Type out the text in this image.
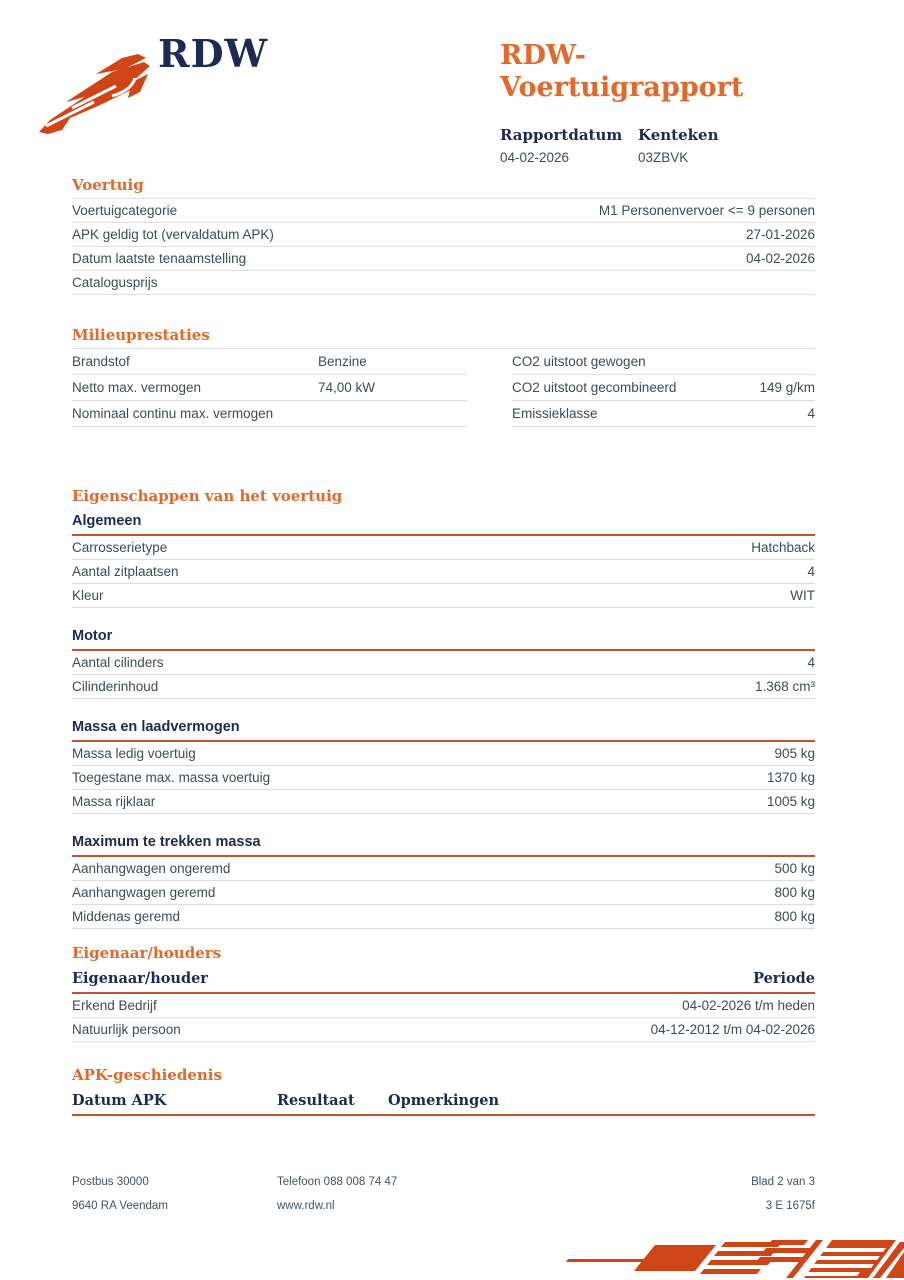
RDW	RDW-Voertuigrapport
Rapportdatum
04-02-2026
Kenteken
03ZBVK
Voertuig
Voertuigcategorie	M1 Personenvervoer <= 9 personen
APK geldig tot (vervaldatum APK)	27-01-2026
Datum laatste tenaamstelling	04-02-2026
Catalogusprijs
Milieuprestaties
Brandstof	Benzine
Netto max. vermogen	74,00 kW
Nominaal continu max. vermogen
CO2 uitstoot gewogen
CO2 uitstoot gecombineerd	149 g/km
Emissieklasse	4
Eigenschappen van het voertuig
Algemeen
Carrosserietype	Hatchback
Aantal zitplaatsen	4
Kleur	WIT
Motor
Aantal cilinders	4
Cilinderinhoud	1.368 cm³
Massa en laadvermogen
Massa ledig voertuig	905 kg
Toegestane max. massa voertuig	1370 kg
Massa rijklaar	1005 kg
Maximum te trekken massa
Aanhangwagen ongeremd	500 kg
Aanhangwagen geremd	800 kg
Middenas geremd	800 kg
Eigenaar/houders
Eigenaar/houder	Periode
Erkend Bedrijf	04-02-2026 t/m heden
Natuurlijk persoon	04-12-2012 t/m 04-02-2026
APK-geschiedenis
Datum APK	Resultaat	Opmerkingen
Postbus 30000
9640 RA Veendam
Telefoon 088 008 74 47
www.rdw.nl
Blad 2 van 3
3 E 1675f
